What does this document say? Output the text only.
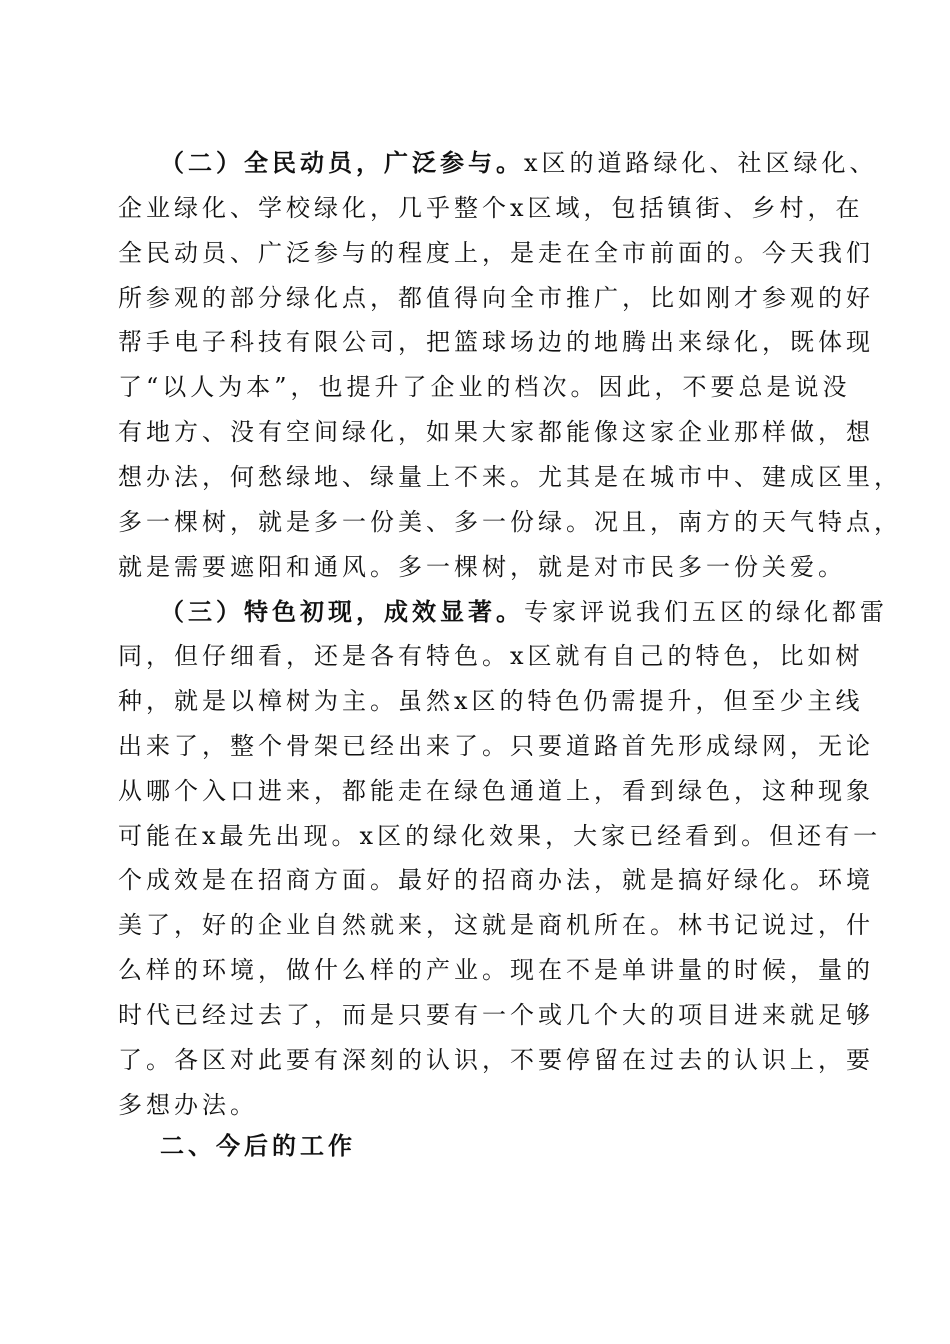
（二）全民动员，广泛参与。x区的道路绿化、社区绿化、
企业绿化、学校绿化，几乎整个x区域，包括镇街、乡村，在
全民动员、广泛参与的程度上，是走在全市前面的。今天我们
所参观的部分绿化点，都值得向全市推广，比如刚才参观的好
帮手电子科技有限公司，把篮球场边的地腾出来绿化，既体现
了“以人为本”，也提升了企业的档次。因此，不要总是说没
有地方、没有空间绿化，如果大家都能像这家企业那样做，想
想办法，何愁绿地、绿量上不来。尤其是在城市中、建成区里，
多一棵树，就是多一份美、多一份绿。况且，南方的天气特点，
就是需要遮阳和通风。多一棵树，就是对市民多一份关爱。
（三）特色初现，成效显著。专家评说我们五区的绿化都雷
同，但仔细看，还是各有特色。x区就有自己的特色，比如树
种，就是以樟树为主。虽然x区的特色仍需提升，但至少主线
出来了，整个骨架已经出来了。只要道路首先形成绿网，无论
从哪个入口进来，都能走在绿色通道上，看到绿色，这种现象
可能在x最先出现。x区的绿化效果，大家已经看到。但还有一
个成效是在招商方面。最好的招商办法，就是搞好绿化。环境
美了，好的企业自然就来，这就是商机所在。林书记说过，什
么样的环境，做什么样的产业。现在不是单讲量的时候，量的
时代已经过去了，而是只要有一个或几个大的项目进来就足够
了。各区对此要有深刻的认识，不要停留在过去的认识上，要
多想办法。
二、今后的工作
